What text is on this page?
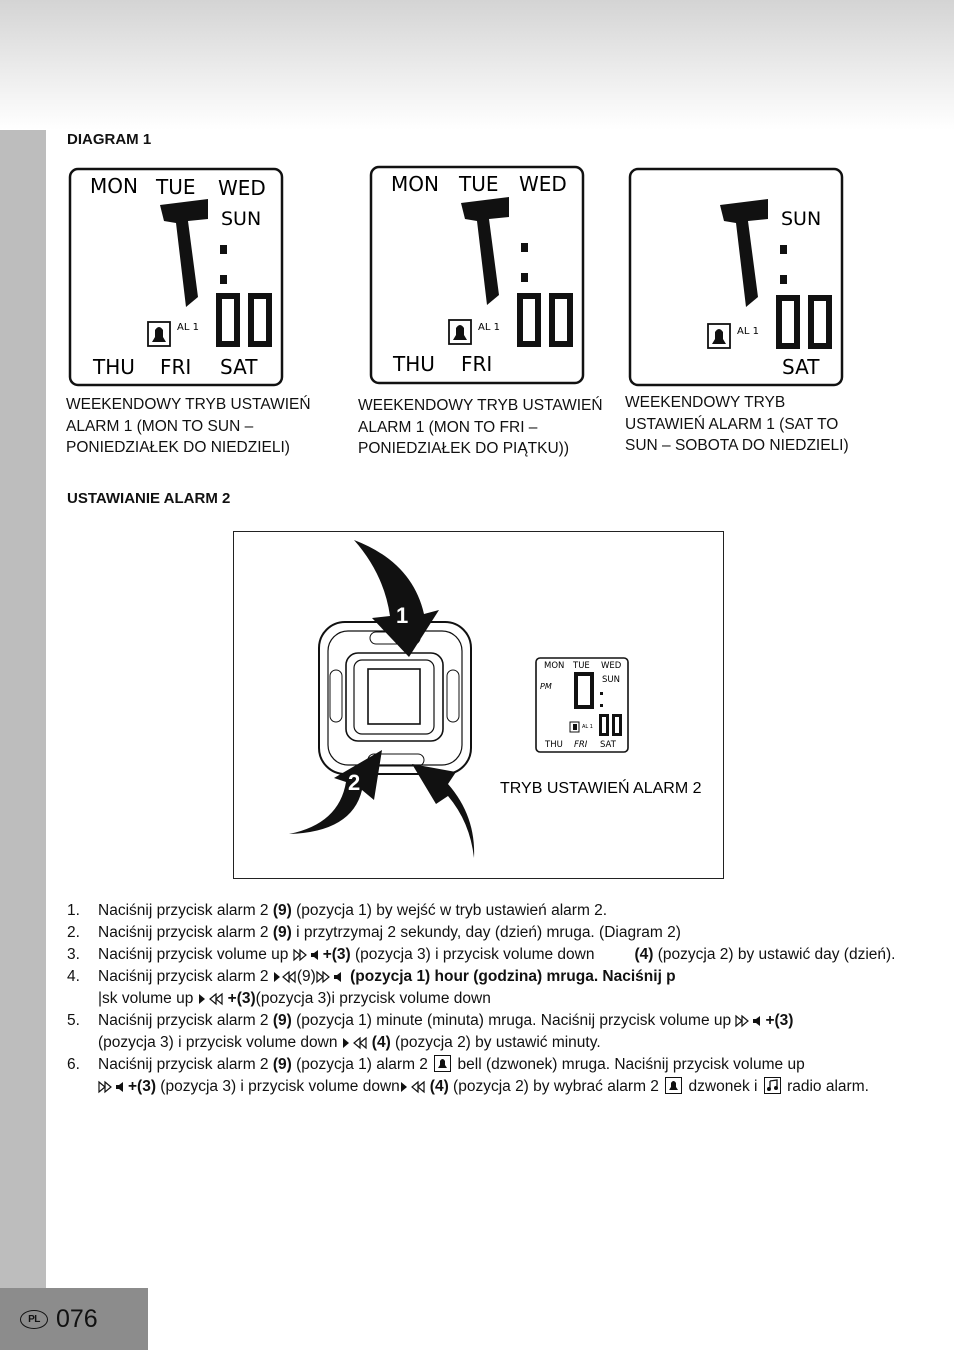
DIAGRAM 1
MON TUE WED
SUN
AL 1
THU FRI SAT
MON TUE WED
AL 1
THU FRI
SUN
AL 1
SAT
WEEKENDOWY TRYB USTAWIEŃ
ALARM 1 (MON TO SUN –
PONIEDZIAŁEK DO NIEDZIELI)
WEEKENDOWY TRYB USTAWIEŃ
ALARM 1 (MON TO FRI –
PONIEDZIAŁEK DO PIĄTKU))
WEEKENDOWY TRYB
USTAWIEŃ ALARM 1 (SAT TO
SUN – SOBOTA DO NIEDZIELI)
USTAWIANIE ALARM 2
1
2 3
MON TUE WED
PM
SUN
AL 1
THU FRI SAT
TRYB USTAWIEŃ ALARM 2
1. Naciśnij przycisk alarm 2 (9) (pozycja 1) by wejść w tryb ustawień alarm 2.
2. Naciśnij przycisk alarm 2 (9) i przytrzymaj 2 sekundy, day (dzień) mruga. (Diagram 2)
3. Naciśnij przycisk volume up +(3) (pozycja 3) i przycisk volume down	(4) (pozycja 2) by ustawić day (dzień).
4. Naciśnij przycisk alarm 2 (9) (pozycja 1) hour (godzina) mruga. Naciśnij p
|sk volume up +(3)(pozycja 3)i przycisk volume down
5. Naciśnij przycisk alarm 2 (9) (pozycja 1) minute (minuta) mruga. Naciśnij przycisk volume up +(3)
(pozycja 3) i przycisk volume down (4) (pozycja 2) by ustawić minuty.
6. Naciśnij przycisk alarm 2 (9) (pozycja 1) alarm 2
bell (dzwonek) mruga. Naciśnij przycisk volume up
+(3) (pozycja 3) i przycisk volume down (4) (pozycja 2) by wybrać alarm 2
dzwonek i
radio alarm.
PL 076
